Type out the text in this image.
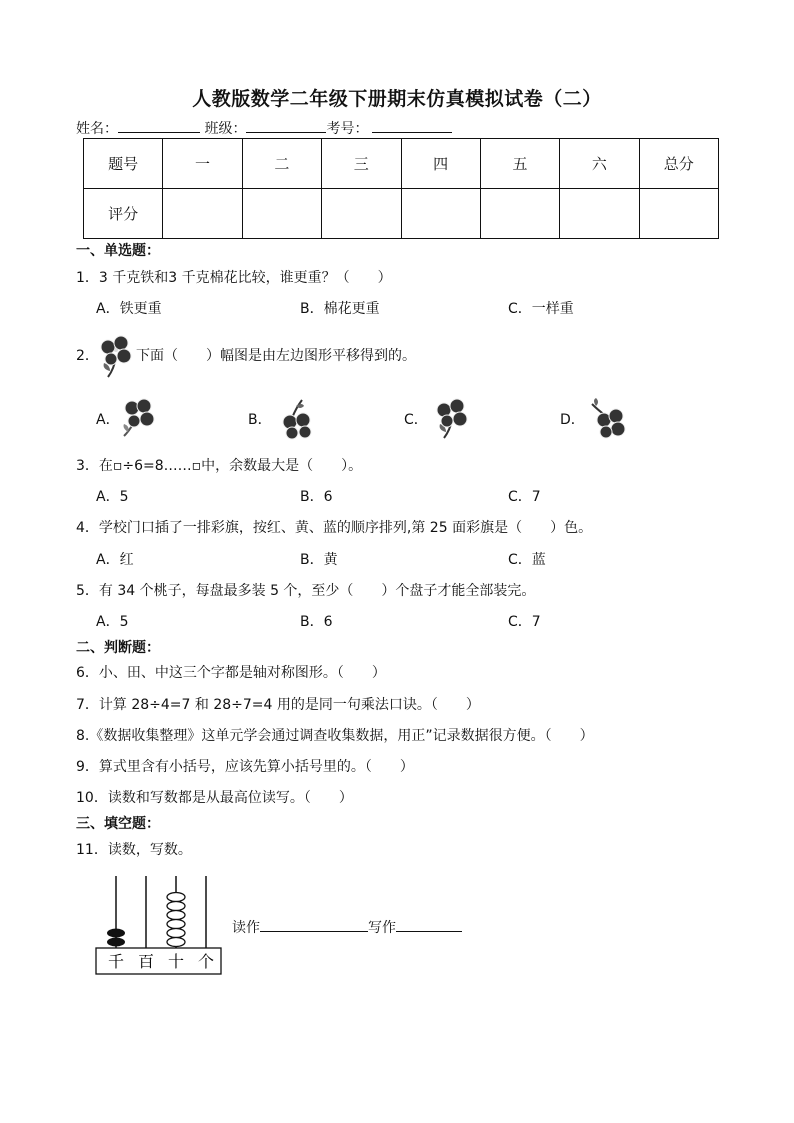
人教版数学二年级下册期末仿真模拟试卷（二）
姓名：	班级：	考号：
题号	一	二	三	四	五	六	总分
评分							
一、单选题：
1．3 千克铁和3 千克棉花比较，谁更重？（　　）
A．铁更重	B．棉花更重	C．一样重
2．	下面（　　）幅图是由左边图形平移得到的。
A．	B．	C．	D．
3．在▫÷6=8……▫中，余数最大是（　　）。
A．5	B．6	C．7
4．学校门口插了一排彩旗，按红、黄、蓝的顺序排列,第 25 面彩旗是（　　）色。
A．红	B．黄	C．蓝
5．有 34 个桃子，每盘最多装 5 个，至少（　　）个盘子才能全部装完。
A．5	B．6	C．7
二、判断题：
6．小、田、中这三个字都是轴对称图形。（　　）
7．计算 28÷4=7 和 28÷7=4 用的是同一句乘法口诀。（　　）
8.《数据收集整理》这单元学会通过调查收集数据，用正”记录数据很方便。（　　）
9．算式里含有小括号，应该先算小括号里的。（　　）
10．读数和写数都是从最高位读写。（　　）
三、填空题：
11．读数，写数。
千 百 十 个
读作	写作
